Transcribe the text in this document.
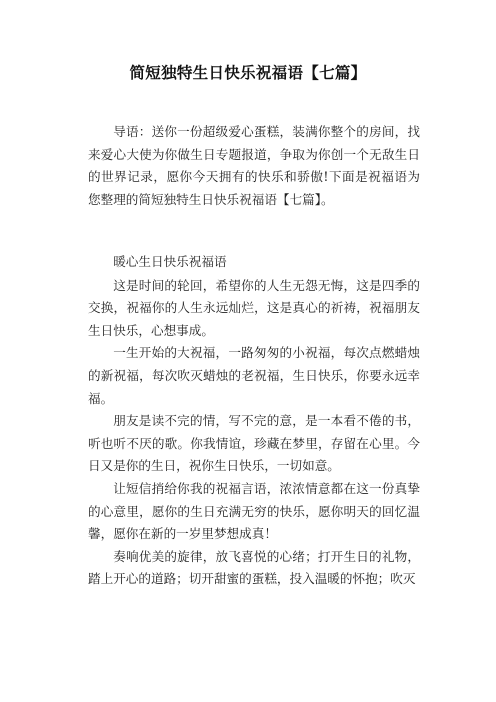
简短独特生日快乐祝福语【七篇】

导语：送你一份超级爱心蛋糕，装满你整个的房间，找来爱心大使为你做生日专题报道，争取为你创一个无敌生日的世界记录，愿你今天拥有的快乐和骄傲!下面是祝福语为您整理的简短独特生日快乐祝福语【七篇】。

暖心生日快乐祝福语

这是时间的轮回，希望你的人生无怨无悔，这是四季的交换，祝福你的人生永远灿烂，这是真心的祈祷，祝福朋友生日快乐，心想事成。

一生开始的大祝福，一路匆匆的小祝福，每次点燃蜡烛的新祝福，每次吹灭蜡烛的老祝福，生日快乐，你要永远幸福。

朋友是读不完的情，写不完的意，是一本看不倦的书，听也听不厌的歌。你我情谊，珍藏在梦里，存留在心里。今日又是你的生日，祝你生日快乐，一切如意。

让短信捎给你我的祝福言语，浓浓情意都在这一份真挚的心意里，愿你的生日充满无穷的快乐，愿你明天的回忆温馨，愿你在新的一岁里梦想成真！

奏响优美的旋律，放飞喜悦的心绪；打开生日的礼物，踏上开心的道路；切开甜蜜的蛋糕，投入温暖的怀抱；吹灭
